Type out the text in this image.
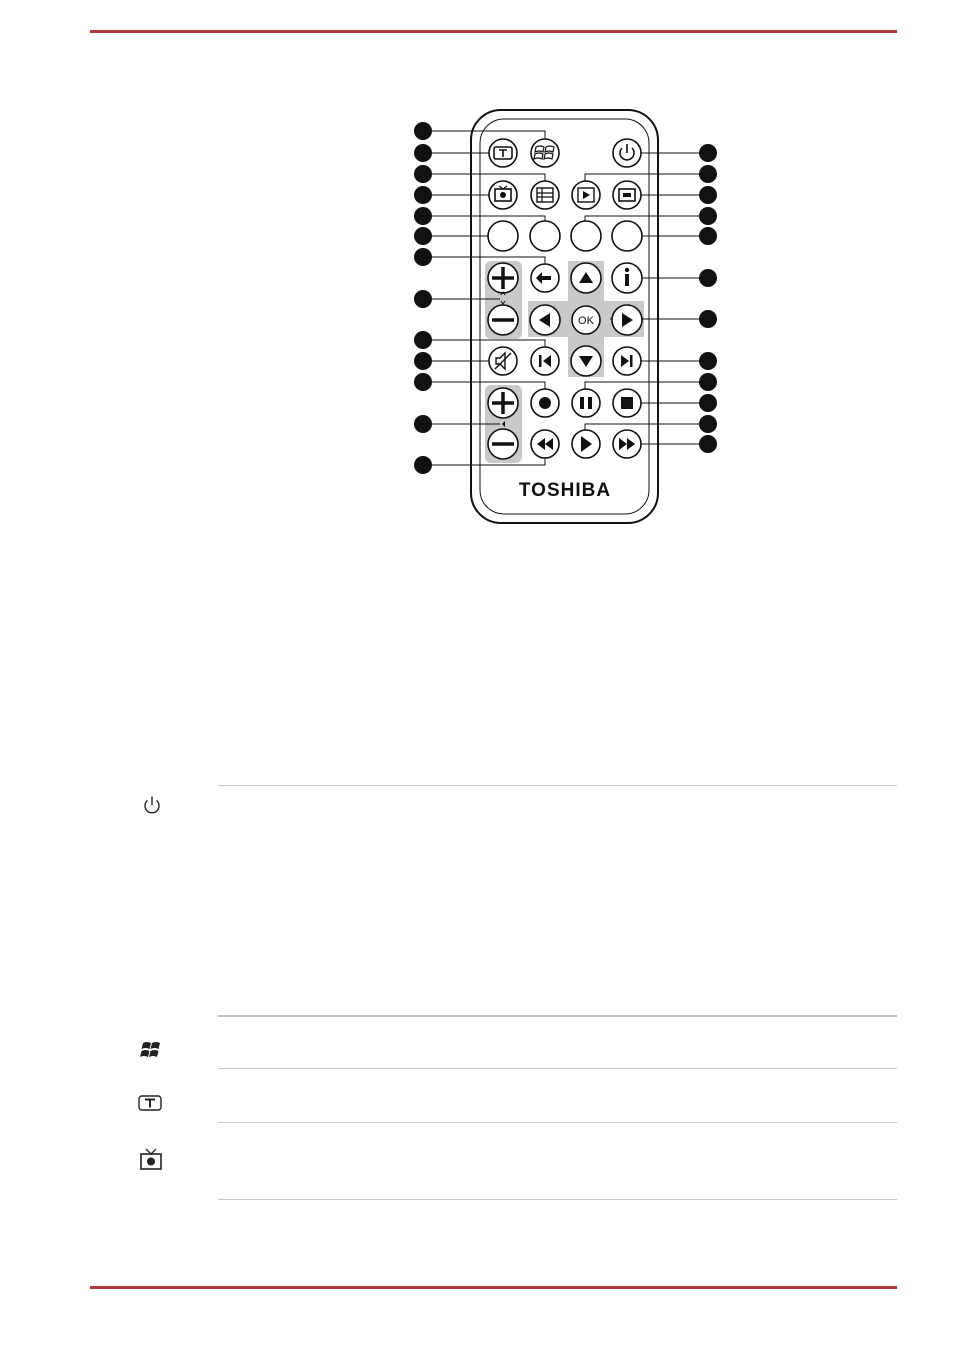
OK
TOSHIBA
